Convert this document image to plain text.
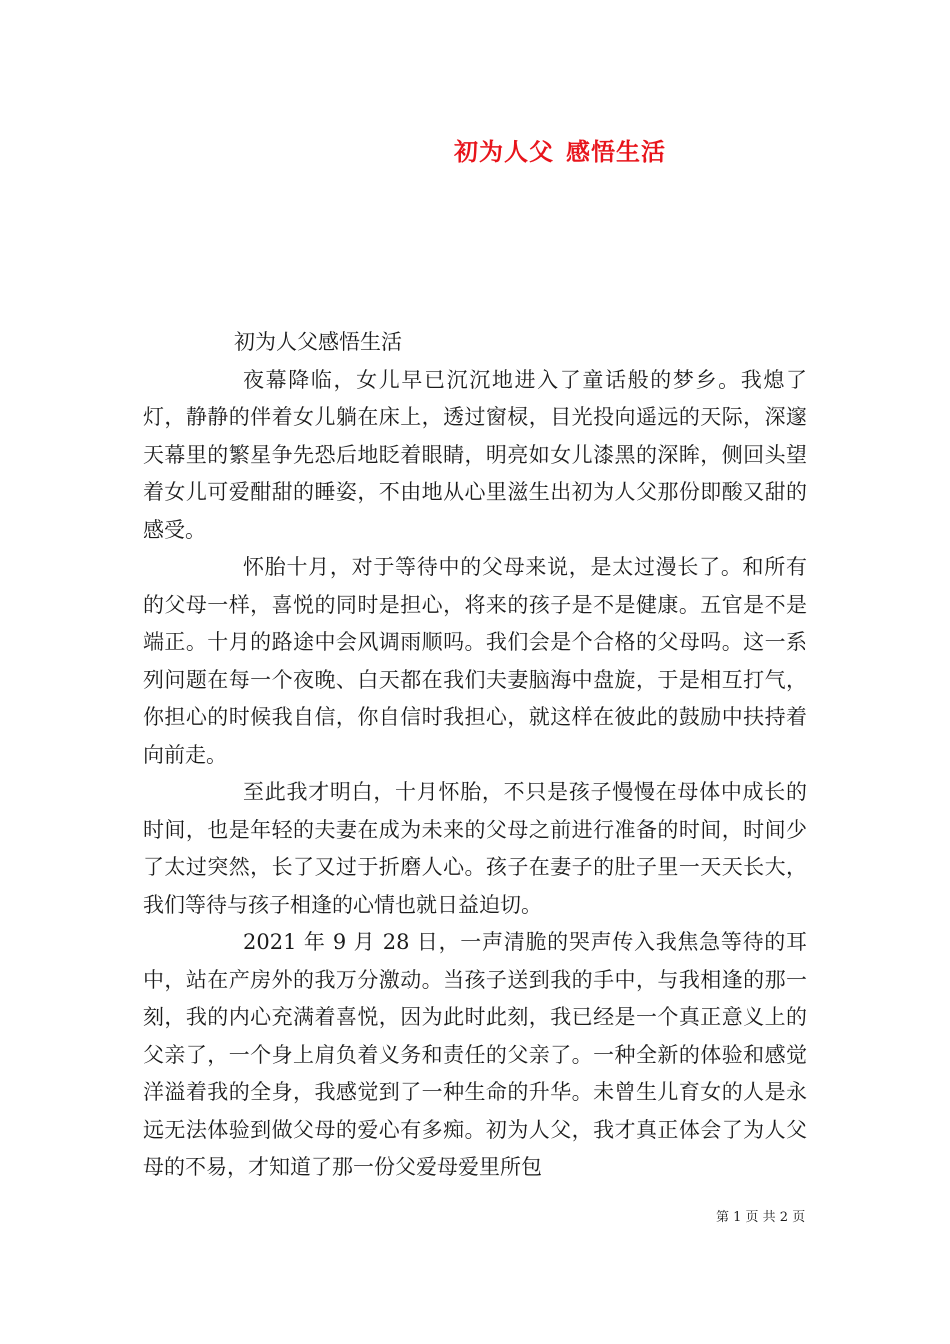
初为人父 感悟生活

初为人父感悟生活

夜幕降临，女儿早已沉沉地进入了童话般的梦乡。我熄了灯，静静的伴着女儿躺在床上，透过窗棂，目光投向遥远的天际，深邃天幕里的繁星争先恐后地眨着眼睛，明亮如女儿漆黑的深眸，侧回头望着女儿可爱酣甜的睡姿，不由地从心里滋生出初为人父那份即酸又甜的感受。

怀胎十月，对于等待中的父母来说，是太过漫长了。和所有的父母一样，喜悦的同时是担心，将来的孩子是不是健康。五官是不是端正。十月的路途中会风调雨顺吗。我们会是个合格的父母吗。这一系列问题在每一个夜晚、白天都在我们夫妻脑海中盘旋，于是相互打气，你担心的时候我自信，你自信时我担心，就这样在彼此的鼓励中扶持着向前走。

至此我才明白，十月怀胎，不只是孩子慢慢在母体中成长的时间，也是年轻的夫妻在成为未来的父母之前进行准备的时间，时间少了太过突然，长了又过于折磨人心。孩子在妻子的肚子里一天天长大，我们等待与孩子相逢的心情也就日益迫切。

2021 年 9 月 28 日，一声清脆的哭声传入我焦急等待的耳中，站在产房外的我万分激动。当孩子送到我的手中，与我相逢的那一刻，我的内心充满着喜悦，因为此时此刻，我已经是一个真正意义上的父亲了，一个身上肩负着义务和责任的父亲了。一种全新的体验和感觉洋溢着我的全身，我感觉到了一种生命的升华。未曾生儿育女的人是永远无法体验到做父母的爱心有多痴。初为人父，我才真正体会了为人父母的不易，才知道了那一份父爱母爱里所包

第 1 页 共 2 页
